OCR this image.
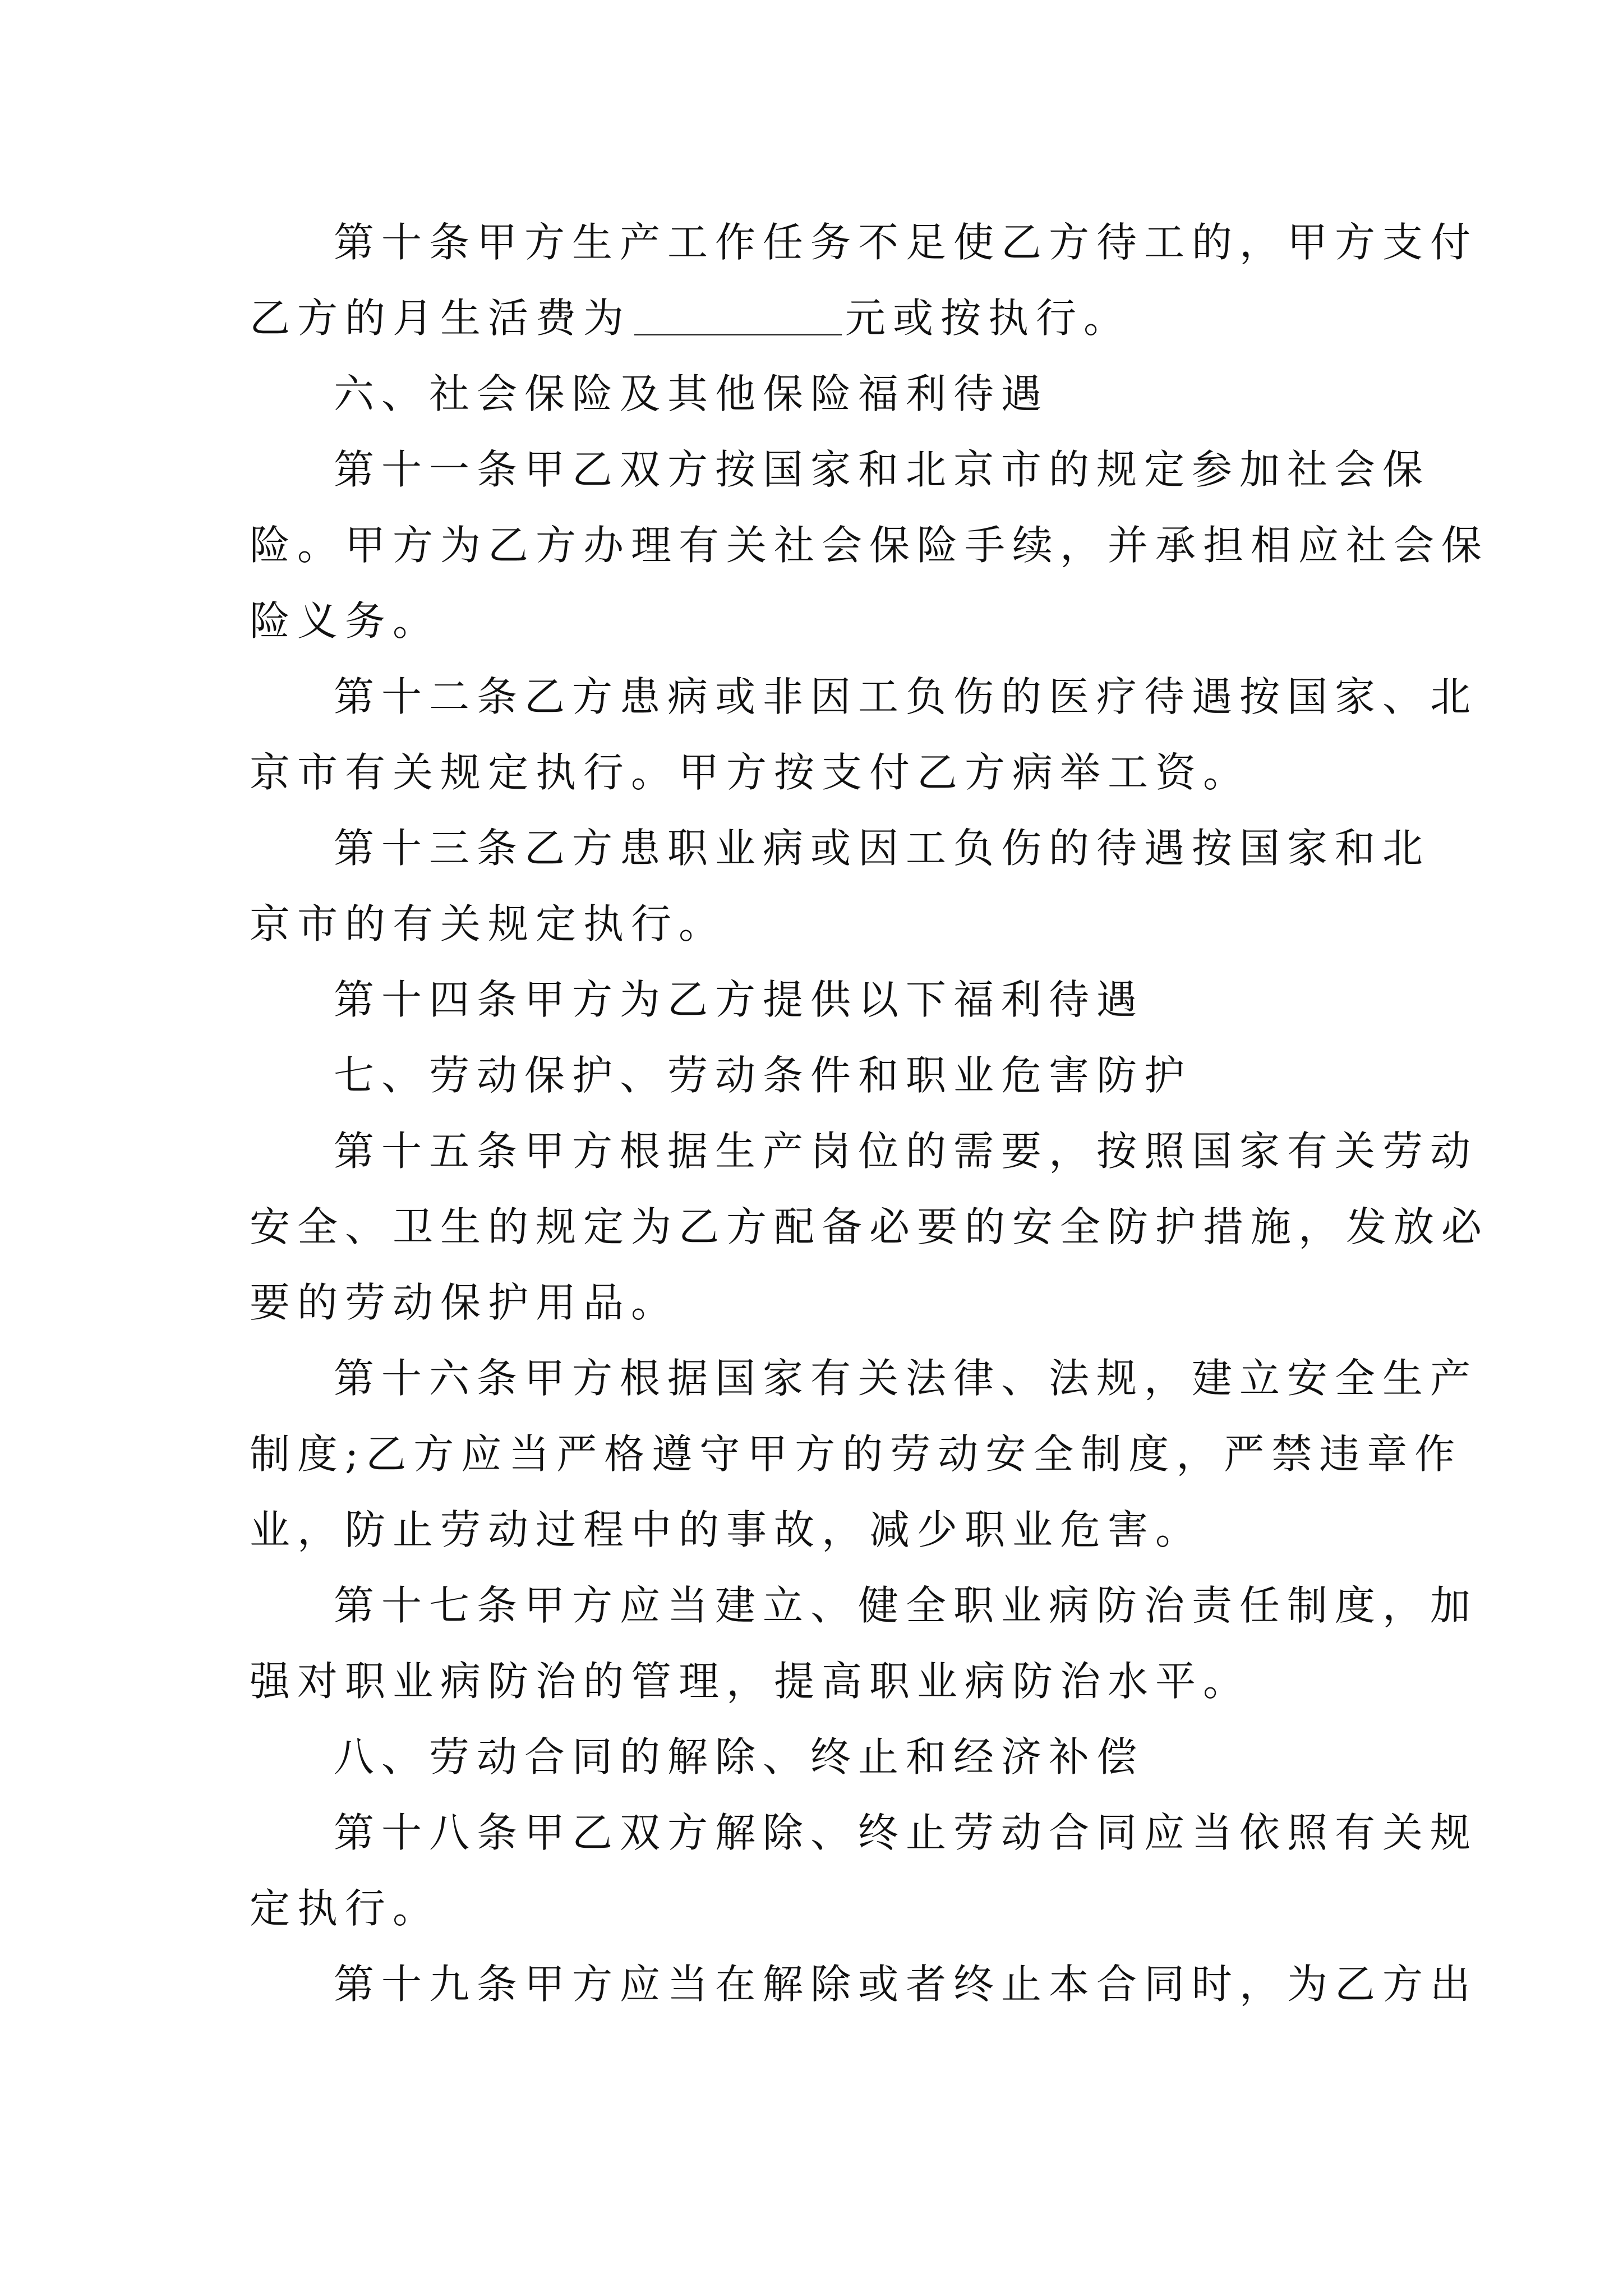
第十条甲方生产工作任务不足使乙方待工的，甲方支付
乙方的月生活费为	元或按执行。
六、社会保险及其他保险福利待遇
第十一条甲乙双方按国家和北京市的规定参加社会保
险。甲方为乙方办理有关社会保险手续，并承担相应社会保
险义务。
第十二条乙方患病或非因工负伤的医疗待遇按国家、北
京市有关规定执行。甲方按支付乙方病举工资。
第十三条乙方患职业病或因工负伤的待遇按国家和北
京市的有关规定执行。
第十四条甲方为乙方提供以下福利待遇
七、劳动保护、劳动条件和职业危害防护
第十五条甲方根据生产岗位的需要，按照国家有关劳动
安全、卫生的规定为乙方配备必要的安全防护措施，发放必
要的劳动保护用品。
第十六条甲方根据国家有关法律、法规，建立安全生产
制度;乙方应当严格遵守甲方的劳动安全制度，严禁违章作
业，防止劳动过程中的事故，减少职业危害。
第十七条甲方应当建立、健全职业病防治责任制度，加
强对职业病防治的管理，提高职业病防治水平。
八、劳动合同的解除、终止和经济补偿
第十八条甲乙双方解除、终止劳动合同应当依照有关规
定执行。
第十九条甲方应当在解除或者终止本合同时，为乙方出
